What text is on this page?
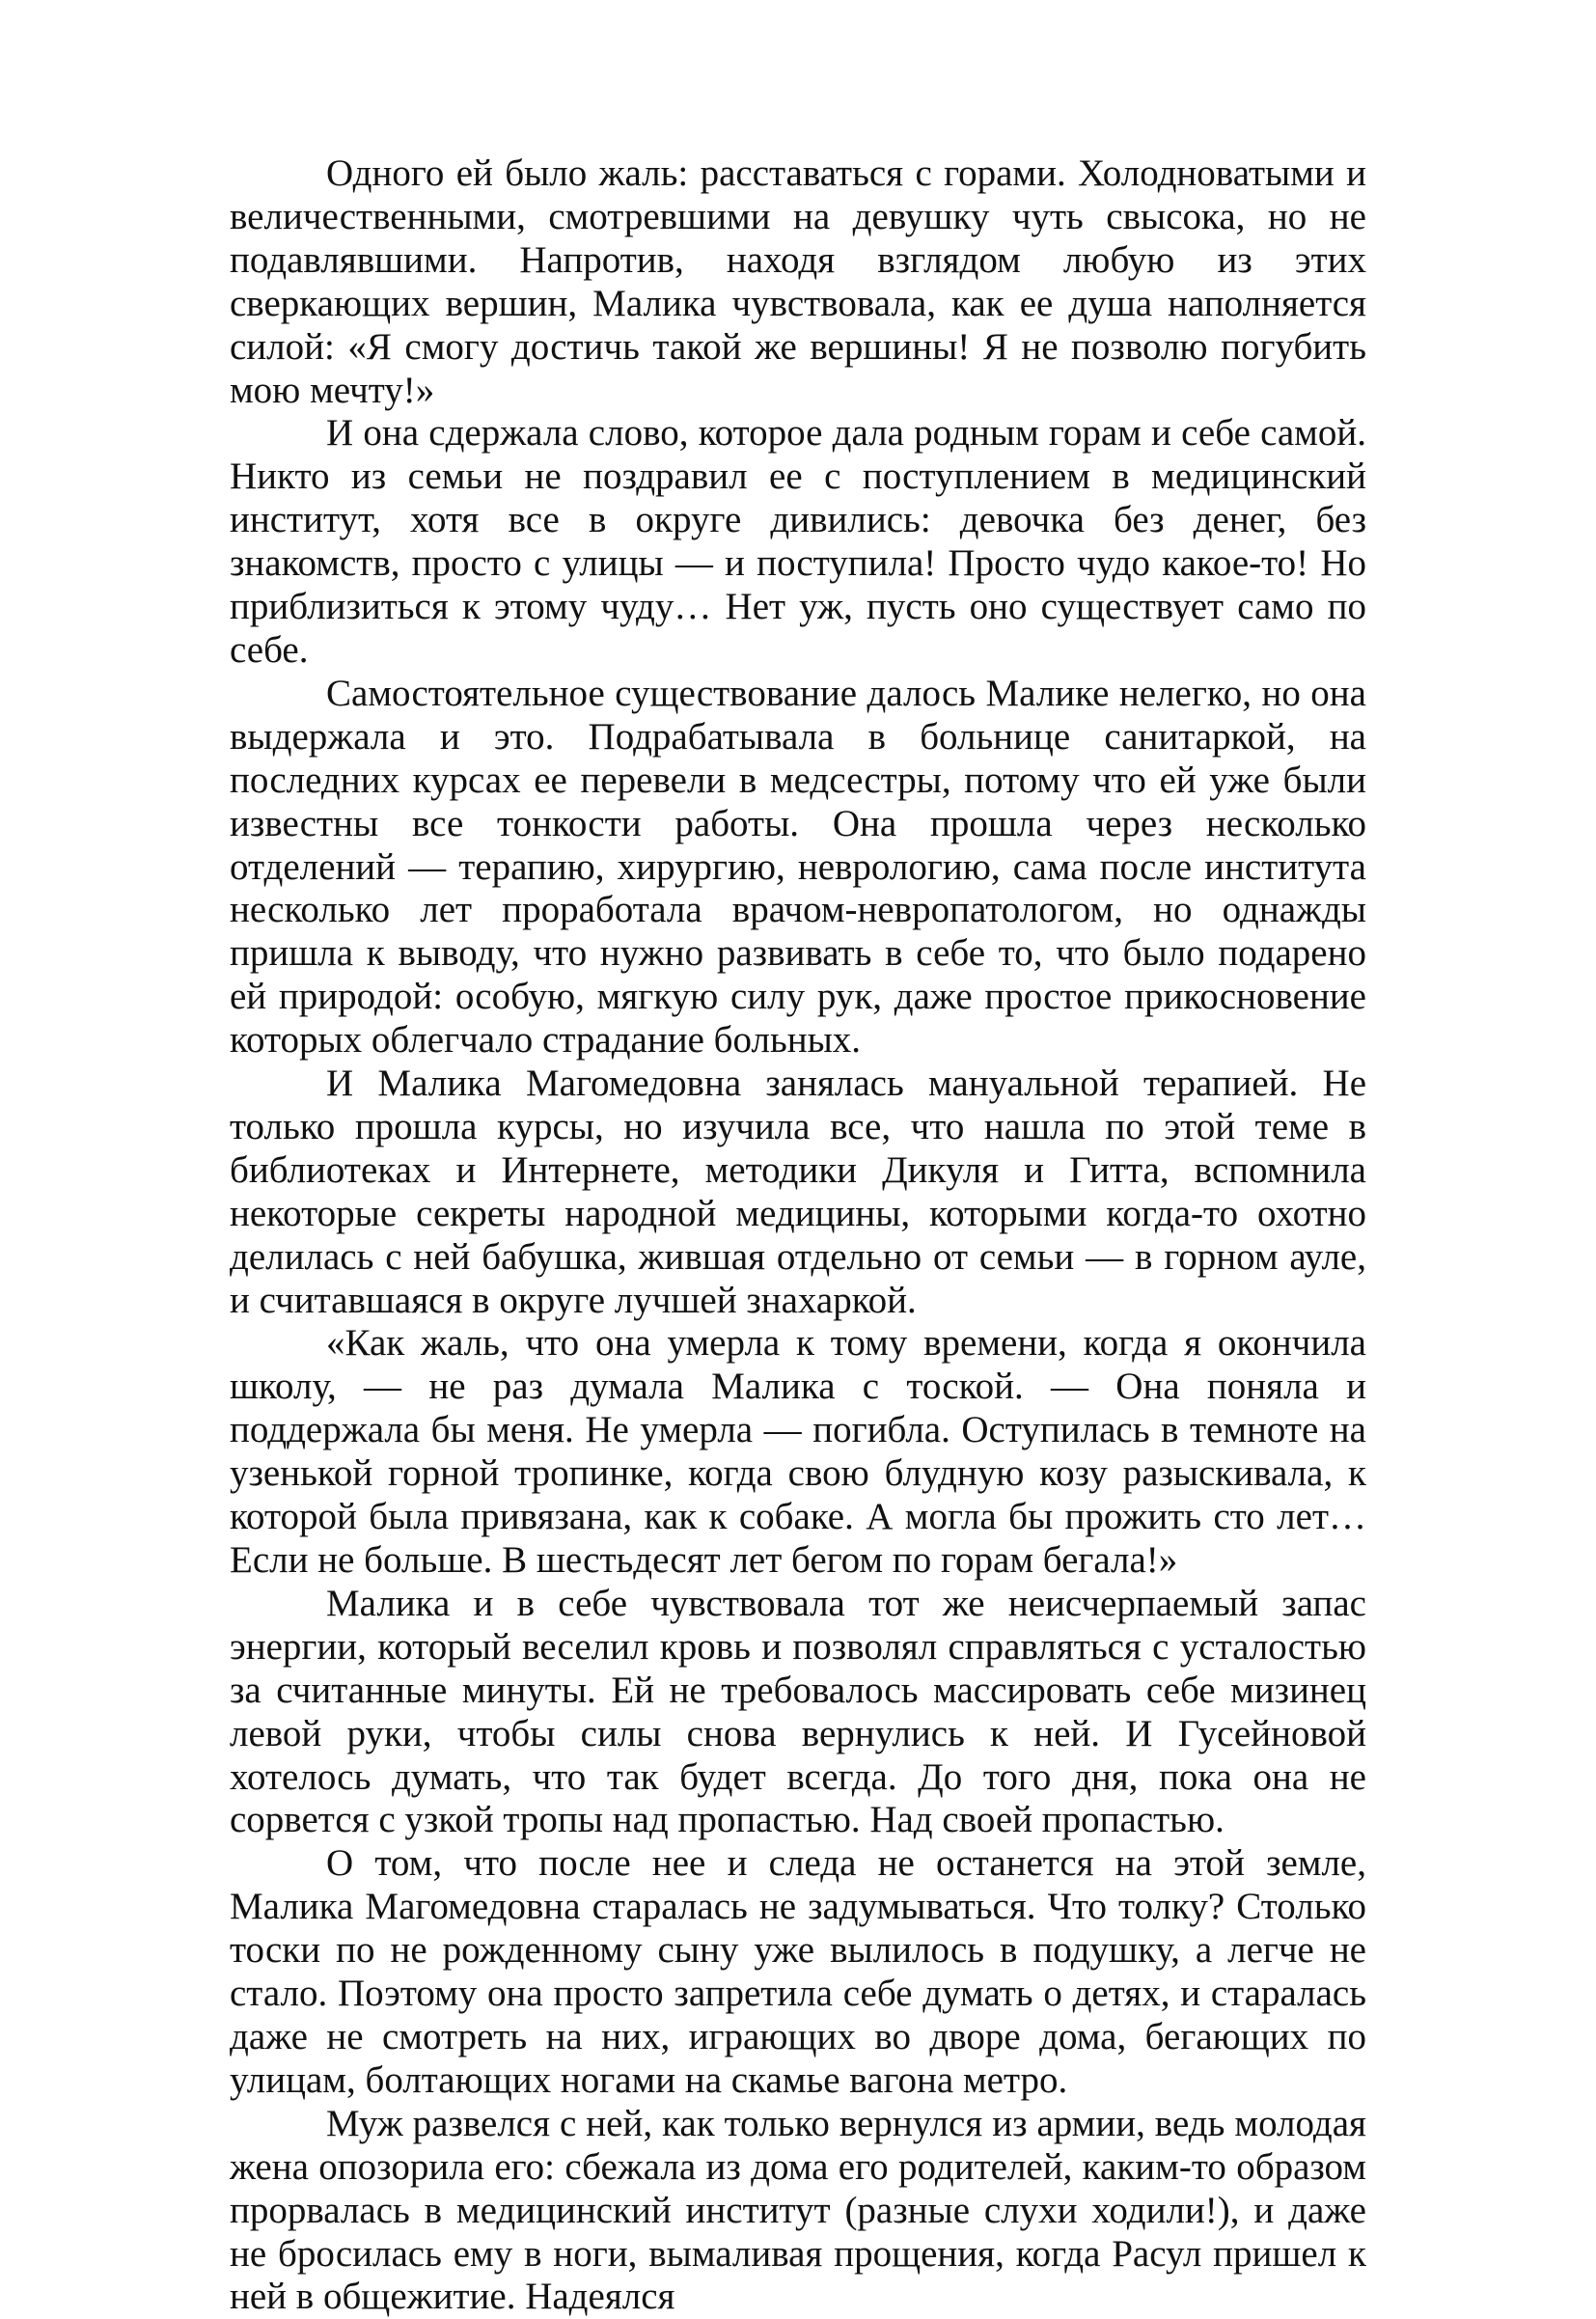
Одного ей было жаль: расставаться с горами. Холодноватыми и величественными, смотревшими на девушку чуть свысока, но не подавлявшими. Напротив, находя взглядом любую из этих сверкающих вершин, Малика чувствовала, как ее душа наполняется силой: «Я смогу достичь такой же вершины! Я не позволю погубить мою мечту!»

И она сдержала слово, которое дала родным горам и себе самой. Никто из семьи не поздравил ее с поступлением в медицинский институт, хотя все в округе дивились: девочка без денег, без знакомств, просто с улицы — и поступила! Просто чудо какое-то! Но приблизиться к этому чуду… Нет уж, пусть оно существует само по себе.

Самостоятельное существование далось Малике нелегко, но она выдержала и это. Подрабатывала в больнице санитаркой, на последних курсах ее перевели в медсестры, потому что ей уже были известны все тонкости работы. Она прошла через несколько отделений — терапию, хирургию, неврологию, сама после института несколько лет проработала врачом-невропатологом, но однажды пришла к выводу, что нужно развивать в себе то, что было подарено ей природой: особую, мягкую силу рук, даже простое прикосновение которых облегчало страдание больных.

И Малика Магомедовна занялась мануальной терапией. Не только прошла курсы, но изучила все, что нашла по этой теме в библиотеках и Интернете, методики Дикуля и Гитта, вспомнила некоторые секреты народной медицины, которыми когда-то охотно делилась с ней бабушка, жившая отдельно от семьи — в горном ауле, и считавшаяся в округе лучшей знахаркой.

«Как жаль, что она умерла к тому времени, когда я окончила школу, — не раз думала Малика с тоской. — Она поняла и поддержала бы меня. Не умерла — погибла. Оступилась в темноте на узенькой горной тропинке, когда свою блудную козу разыскивала, к которой была привязана, как к собаке. А могла бы прожить сто лет… Если не больше. В шестьдесят лет бегом по горам бегала!»

Малика и в себе чувствовала тот же неисчерпаемый запас энергии, который веселил кровь и позволял справляться с усталостью за считанные минуты. Ей не требовалось массировать себе мизинец левой руки, чтобы силы снова вернулись к ней. И Гусейновой хотелось думать, что так будет всегда. До того дня, пока она не сорвется с узкой тропы над пропастью. Над своей пропастью.

О том, что после нее и следа не останется на этой земле, Малика Магомедовна старалась не задумываться. Что толку? Столько тоски по не рожденному сыну уже вылилось в подушку, а легче не стало. Поэтому она просто запретила себе думать о детях, и старалась даже не смотреть на них, играющих во дворе дома, бегающих по улицам, болтающих ногами на скамье вагона метро.

Муж развелся с ней, как только вернулся из армии, ведь молодая жена опозорила его: сбежала из дома его родителей, каким-то образом прорвалась в медицинский институт (разные слухи ходили!), и даже не бросилась ему в ноги, вымаливая прощения, когда Расул пришел к ней в общежитие. Надеялся
